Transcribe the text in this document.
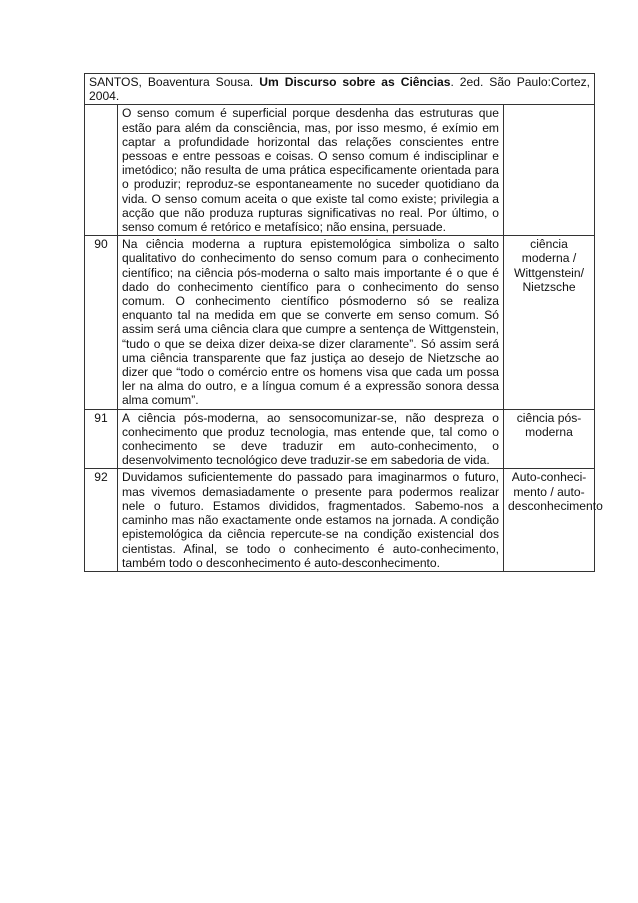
SANTOS, Boaventura Sousa. Um Discurso sobre as Ciências. 2ed. São Paulo:Cortez, 2004.		
	O senso comum é superficial porque desdenha das estruturas que estão para além da consciência, mas, por isso mesmo, é exímio em captar a profundidade horizontal das relações conscientes entre pessoas e entre pessoas e coisas. O senso comum é indisciplinar e imetódico; não resulta de uma prática especificamente orientada para o produzir; reproduz-se espontaneamente no suceder quotidiano da vida. O senso comum aceita o que existe tal como existe; privilegia a acção que não produza rupturas significativas no real. Por último, o senso comum é retórico e metafísico; não ensina, persuade.	
90	Na ciência moderna a ruptura epistemológica simboliza o salto qualitativo do conhecimento do senso comum para o conhecimento científico; na ciência pós-moderna o salto mais importante é o que é dado do conhecimento científico para o conhecimento do senso comum. O conhecimento científico pósmoderno só se realiza enquanto tal na medida em que se converte em senso comum. Só assim será uma ciência clara que cumpre a sentença de Wittgenstein, “tudo o que se deixa dizer deixa-se dizer claramente”. Só assim será uma ciência transparente que faz justiça ao desejo de Nietzsche ao dizer que “todo o comércio entre os homens visa que cada um possa ler na alma do outro, e a língua comum é a expressão sonora dessa alma comum”.	ciência moderna / Wittgenstein/ Nietzsche
91	A ciência pós-moderna, ao sensocomunizar-se, não despreza o conhecimento que produz tecnologia, mas entende que, tal como o conhecimento se deve traduzir em auto-conhecimento, o desenvolvimento tecnológico deve traduzir-se em sabedoria de vida.	ciência pós-moderna
92	Duvidamos suficientemente do passado para imaginarmos o futuro, mas vivemos demasiadamente o presente para podermos realizar nele o futuro. Estamos divididos, fragmentados. Sabemo-nos a caminho mas não exactamente onde estamos na jornada. A condição epistemológica da ciência repercute-se na condição existencial dos cientistas. Afinal, se todo o conhecimento é auto-conhecimento, também todo o desconhecimento é auto-desconhecimento.	Auto-conheci-mento / auto-desconhecimento
